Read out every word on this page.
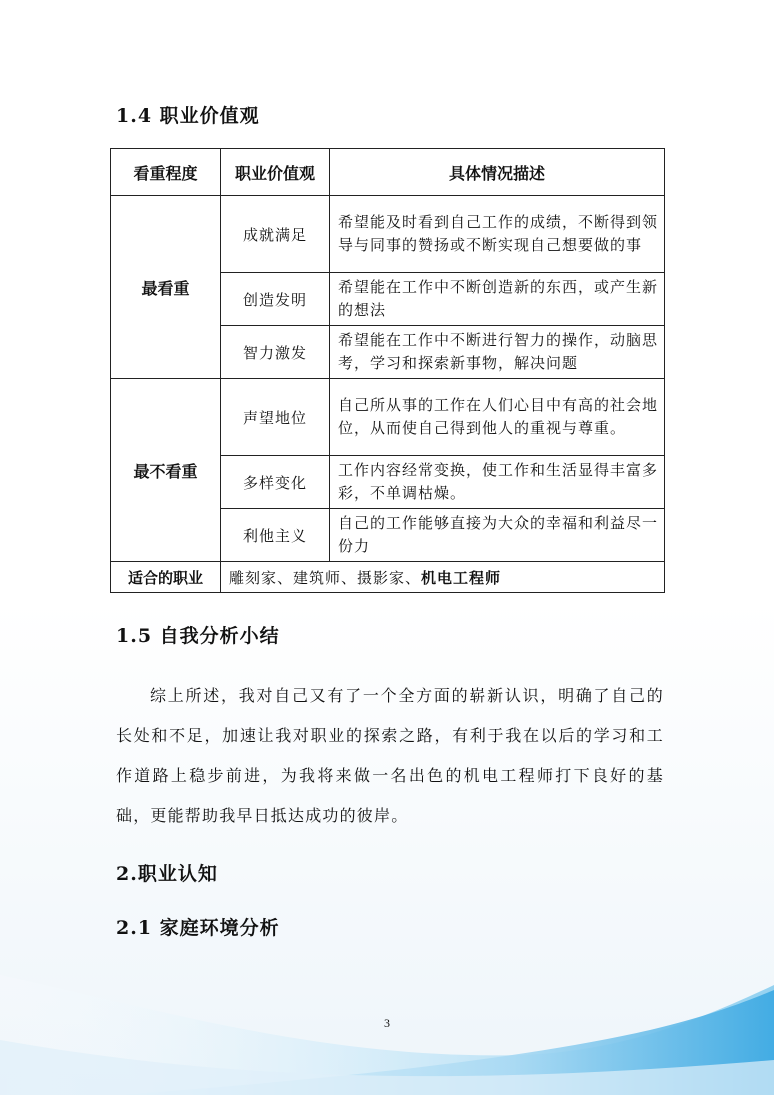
1.4 职业价值观
看重程度	职业价值观	具体情况描述
最看重	成就满足	希望能及时看到自己工作的成绩，不断得到领导与同事的赞扬或不断实现自己想要做的事
	创造发明	希望能在工作中不断创造新的东西，或产生新的想法
	智力激发	希望能在工作中不断进行智力的操作，动脑思考，学习和探索新事物，解决问题
最不看重	声望地位	自己所从事的工作在人们心目中有高的社会地位，从而使自己得到他人的重视与尊重。
	多样变化	工作内容经常变换，使工作和生活显得丰富多彩，不单调枯燥。
	利他主义	自己的工作能够直接为大众的幸福和利益尽一份力
适合的职业	雕刻家、建筑师、摄影家、机电工程师	
1.5 自我分析小结

综上所述，我对自己又有了一个全方面的崭新认识，明确了自己的长处和不足，加速让我对职业的探索之路，有利于我在以后的学习和工作道路上稳步前进，为我将来做一名出色的机电工程师打下良好的基础，更能帮助我早日抵达成功的彼岸。

2.职业认知
2.1 家庭环境分析
3
